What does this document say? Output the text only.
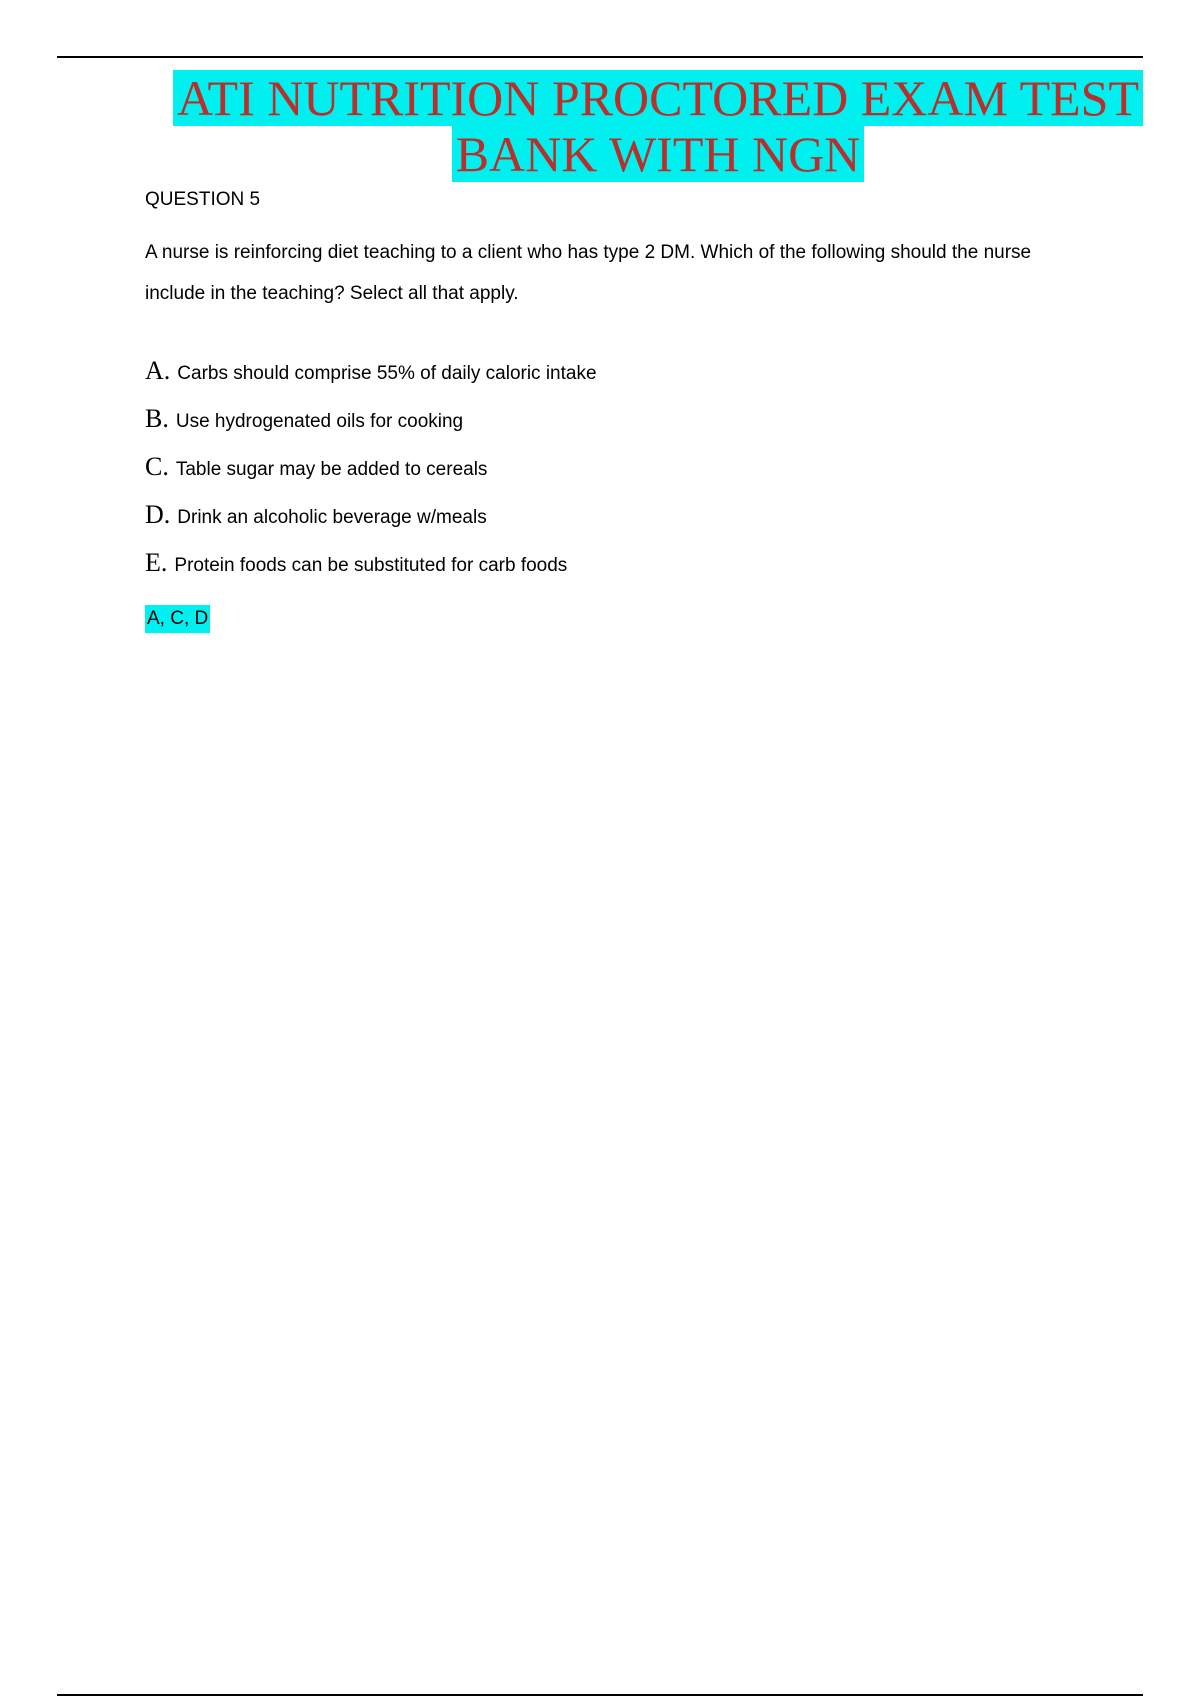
ATI NUTRITION PROCTORED EXAM TEST
BANK WITH NGN
QUESTION 5
A nurse is reinforcing diet teaching to a client who has type 2 DM. Which of the following should the nurse include in the teaching? Select all that apply.
A. Carbs should comprise 55% of daily caloric intake
B. Use hydrogenated oils for cooking
C. Table sugar may be added to cereals
D. Drink an alcoholic beverage w/meals
E. Protein foods can be substituted for carb foods
A, C, D
